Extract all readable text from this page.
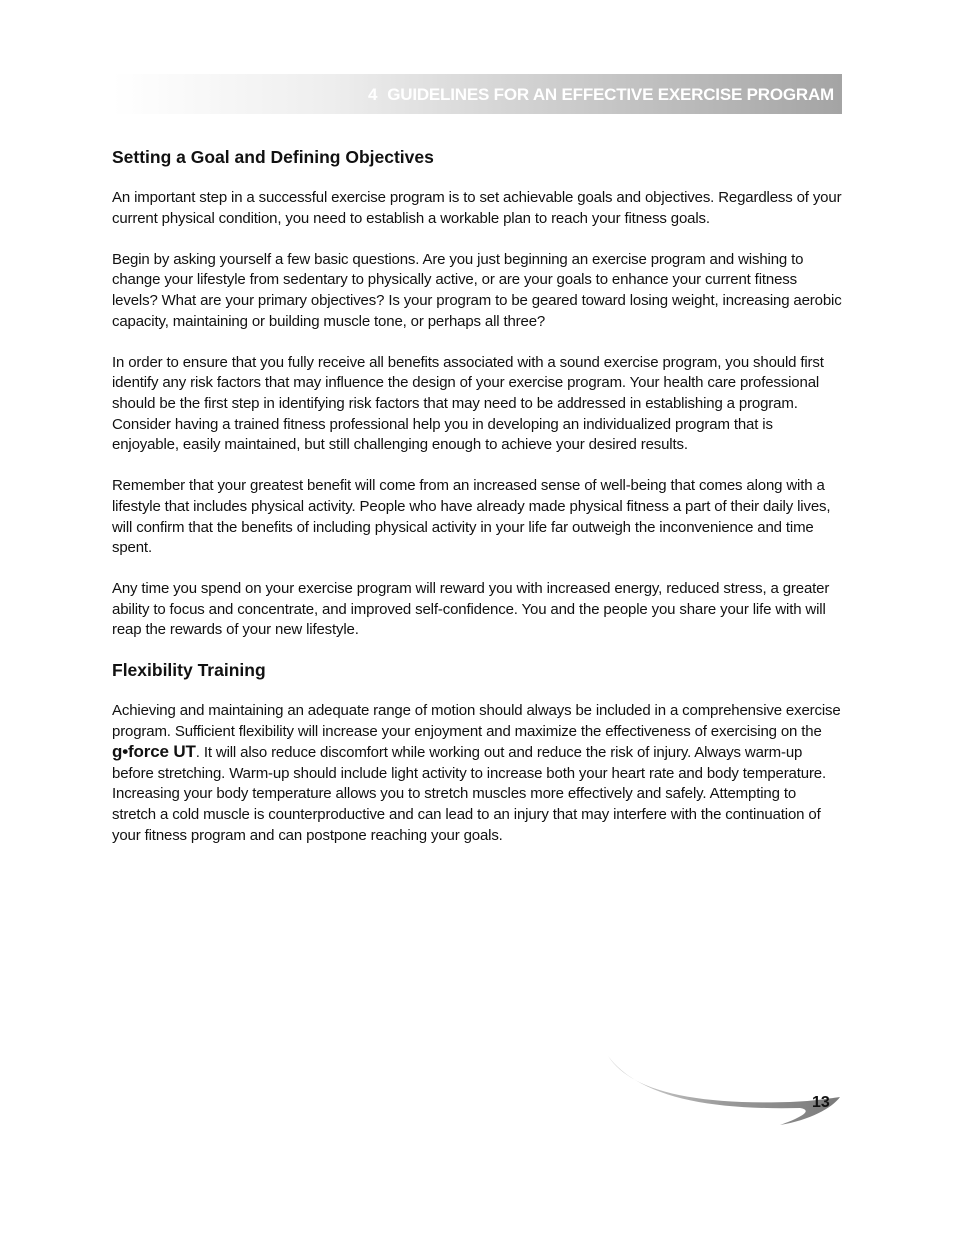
4 GUIDELINES FOR AN EFFECTIVE EXERCISE PROGRAM
Setting a Goal and Defining Objectives

An important step in a successful exercise program is to set achievable goals and objectives. Regardless of your current physical condition, you need to establish a workable plan to reach your fitness goals.

Begin by asking yourself a few basic questions. Are you just beginning an exercise program and wishing to change your lifestyle from sedentary to physically active, or are your goals to enhance your current fitness levels? What are your primary objectives? Is your program to be geared toward losing weight, increasing aerobic capacity, maintaining or building muscle tone, or perhaps all three?

In order to ensure that you fully receive all benefits associated with a sound exercise program, you should first identify any risk factors that may influence the design of your exercise program. Your health care professional should be the first step in identifying risk factors that may need to be addressed in establishing a program. Consider having a trained fitness professional help you in developing an individualized program that is enjoyable, easily maintained, but still challenging enough to achieve your desired results.

Remember that your greatest benefit will come from an increased sense of well-being that comes along with a lifestyle that includes physical activity. People who have already made physical fitness a part of their daily lives, will confirm that the benefits of including physical activity in your life far outweigh the inconvenience and time spent.

Any time you spend on your exercise program will reward you with increased energy, reduced stress, a greater ability to focus and concentrate, and improved self-confidence. You and the people you share your life with will reap the rewards of your new lifestyle.

Flexibility Training

Achieving and maintaining an adequate range of motion should always be included in a comprehensive exercise program. Sufficient flexibility will increase your enjoyment and maximize the effectiveness of exercising on the g•force UT. It will also reduce discomfort while working out and reduce the risk of injury. Always warm-up before stretching. Warm-up should include light activity to increase both your heart rate and body temperature. Increasing your body temperature allows you to stretch muscles more effectively and safely. Attempting to stretch a cold muscle is counterproductive and can lead to an injury that may interfere with the continuation of your fitness program and can postpone reaching your goals.

13
